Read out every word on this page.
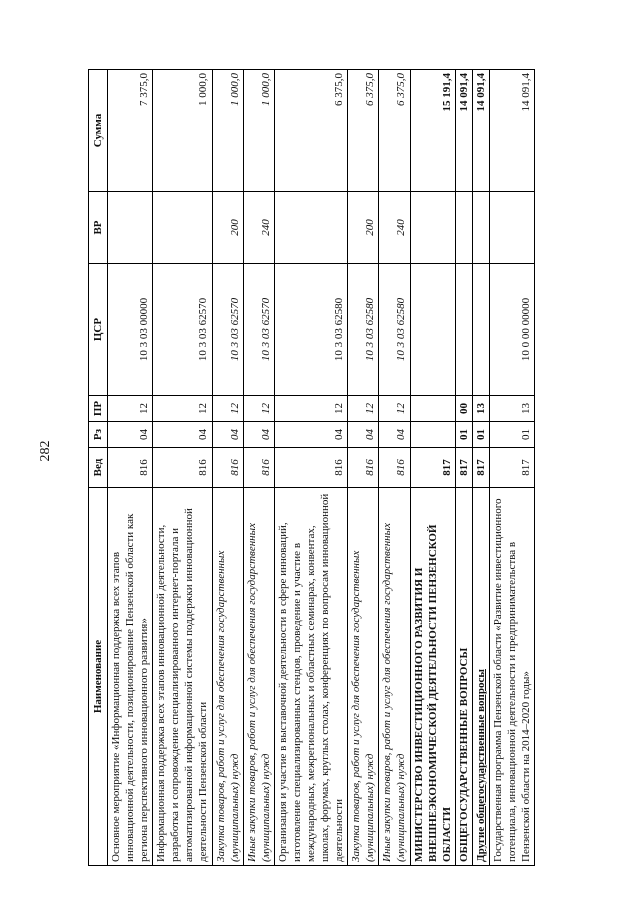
282
Наименование	Вед	Рз	ПР	ЦСР	ВР	Сумма
Основное мероприятие «Информационная поддержка всех этапов инновационной деятельности, позиционирование Пензенской области как региона перспективного инновационного развития»	816	04	12	10 3 03 00000		7 375,0
Информационная поддержка всех этапов инновационной деятельности, разработка и сопровождение специализированного интернет-портала и автоматизированной информационной системы поддержки инновационной деятельности Пензенской области	816	04	12	10 3 03 62570		1 000,0
Закупка товаров, работ и услуг для обеспечения государственных (муниципальных) нужд	816	04	12	10 3 03 62570	200	1 000,0
Иные закупки товаров, работ и услуг для обеспечения государственных (муниципальных) нужд	816	04	12	10 3 03 62570	240	1 000,0
Организация и участие в выставочной деятельности в сфере инноваций, изготовление специализированных стендов, проведение и участие в международных, межрегиональных и областных семинарах, конвентах, школах, форумах, круглых столах, конференциях по вопросам инновационной деятельности	816	04	12	10 3 03 62580		6 375,0
Закупка товаров, работ и услуг для обеспечения государственных (муниципальных) нужд	816	04	12	10 3 03 62580	200	6 375,0
Иные закупки товаров, работ и услуг для обеспечения государственных (муниципальных) нужд	816	04	12	10 3 03 62580	240	6 375,0
МИНИСТЕРСТВО ИНВЕСТИЦИОННОГО РАЗВИТИЯ И ВНЕШНЕЭКОНОМИЧЕСКОЙ ДЕЯТЕЛЬНОСТИ ПЕНЗЕНСКОЙ ОБЛАСТИ	817					15 191,4
ОБЩЕГОСУДАРСТВЕННЫЕ ВОПРОСЫ	817	01	00			14 091,4
Другие общегосударственные вопросы	817	01	13			14 091,4
Государственная программа Пензенской области «Развитие инвестиционного потенциала, инновационной деятельности и предпринимательства в Пензенской области на 2014–2020 годы»	817	01	13	10 0 00 00000		14 091,4
